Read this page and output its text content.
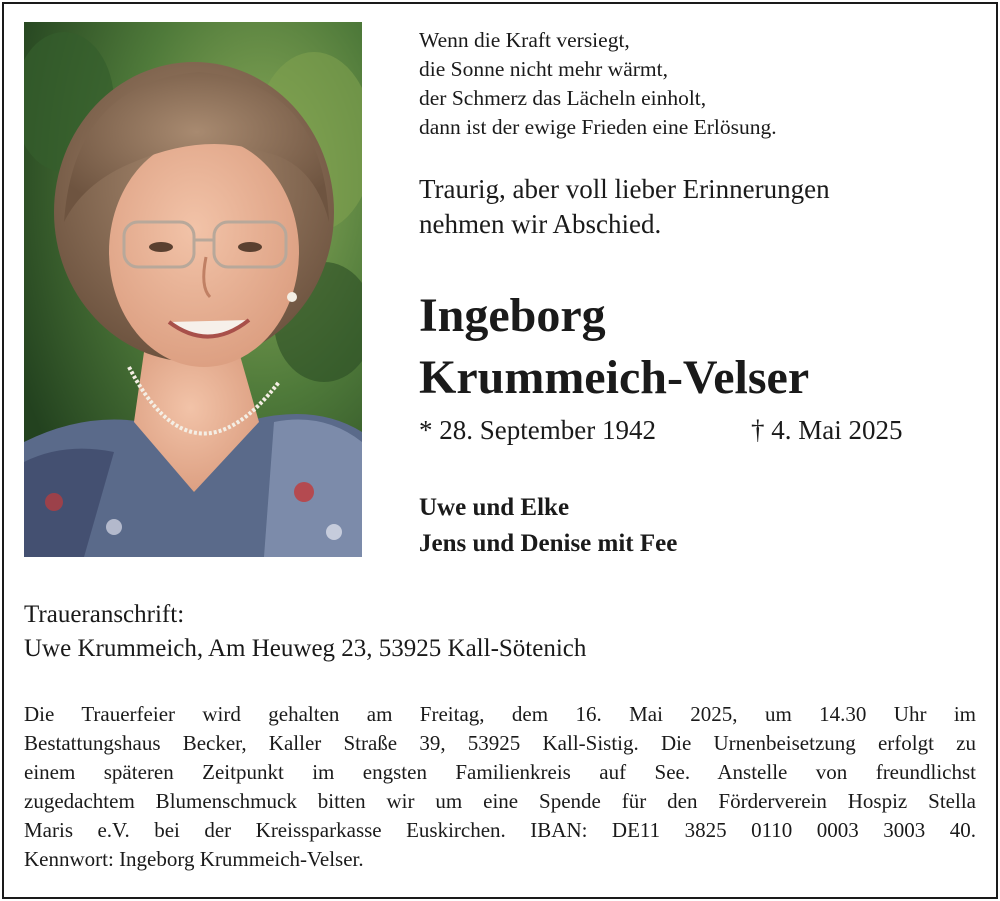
Wenn die Kraft versiegt,
die Sonne nicht mehr wärmt,
der Schmerz das Lächeln einholt,
dann ist der ewige Frieden eine Erlösung.
Traurig, aber voll lieber Erinnerungen
nehmen wir Abschied.
Ingeborg
Krummeich-Velser
* 28. September 1942	† 4. Mai 2025
Uwe und Elke
Jens und Denise mit Fee
Traueranschrift:
Uwe Krummeich, Am Heuweg 23, 53925 Kall-Sötenich
Die Trauerfeier wird gehalten am Freitag, dem 16. Mai 2025, um 14.30 Uhr im
Bestattungshaus Becker, Kaller Straße 39, 53925 Kall-Sistig. Die Urnenbeisetzung erfolgt zu
einem späteren Zeitpunkt im engsten Familienkreis auf See. Anstelle von freundlichst
zugedachtem Blumenschmuck bitten wir um eine Spende für den Förderverein Hospiz Stella
Maris e.V. bei der Kreissparkasse Euskirchen. IBAN: DE11 3825 0110 0003 3003 40.
Kennwort: Ingeborg Krummeich-Velser.
